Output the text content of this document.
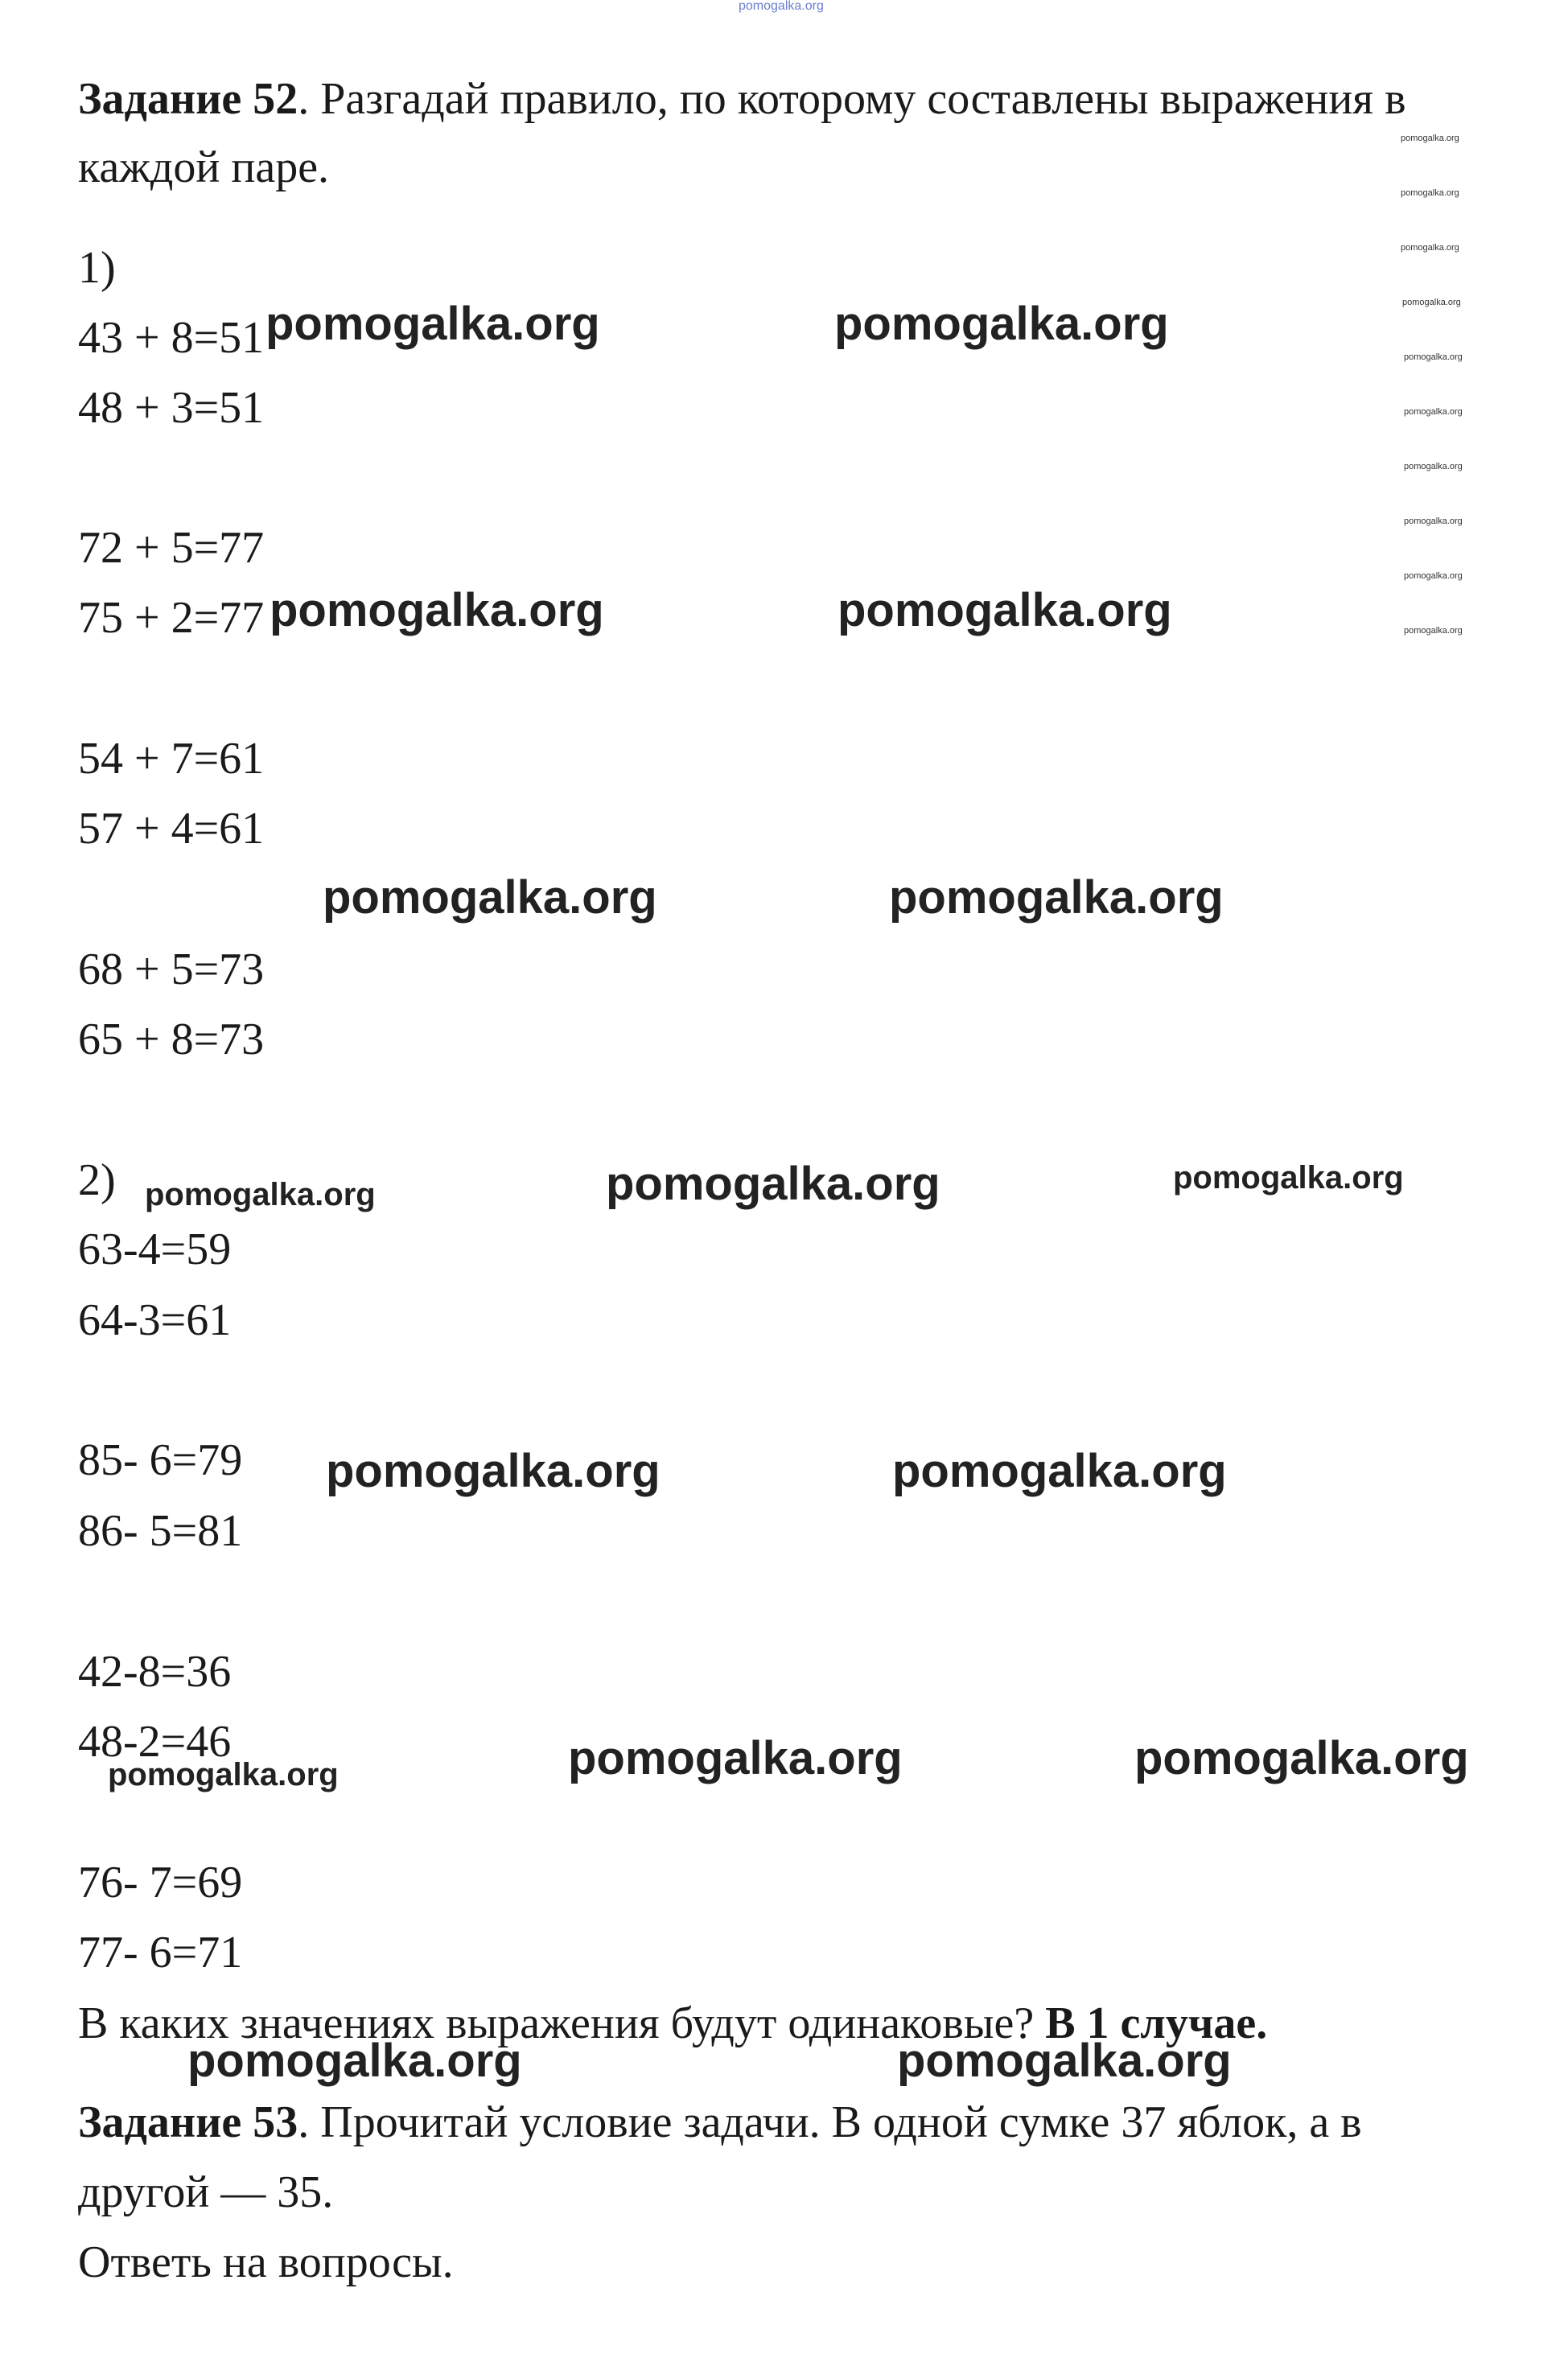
pomogalka.org
Задание 52. Разгадай правило, по которому составлены выражения в
каждой паре.
1)
43 + 8=51
48 + 3=51
72 + 5=77
75 + 2=77
54 + 7=61
57 + 4=61
68 + 5=73
65 + 8=73
2)
63-4=59
64-3=61
85- 6=79
86- 5=81
42-8=36
48-2=46
76- 7=69
77- 6=71
В каких значениях выражения будут одинаковые? В 1 случае.
Задание 53. Прочитай условие задачи. В одной сумке 37 яблок, а в
другой — 35.
Ответь на вопросы.
pomogalka.org	pomogalka.org
pomogalka.org	pomogalka.org
pomogalka.org	pomogalka.org
pomogalka.org
pomogalka.org	pomogalka.org
pomogalka.org	pomogalka.org
pomogalka.org	pomogalka.org
pomogalka.org	pomogalka.org
pomogalka.org
pomogalka.org
pomogalka.org
pomogalka.org
pomogalka.org
pomogalka.org
pomogalka.org
pomogalka.org
pomogalka.org
pomogalka.org
pomogalka.org
